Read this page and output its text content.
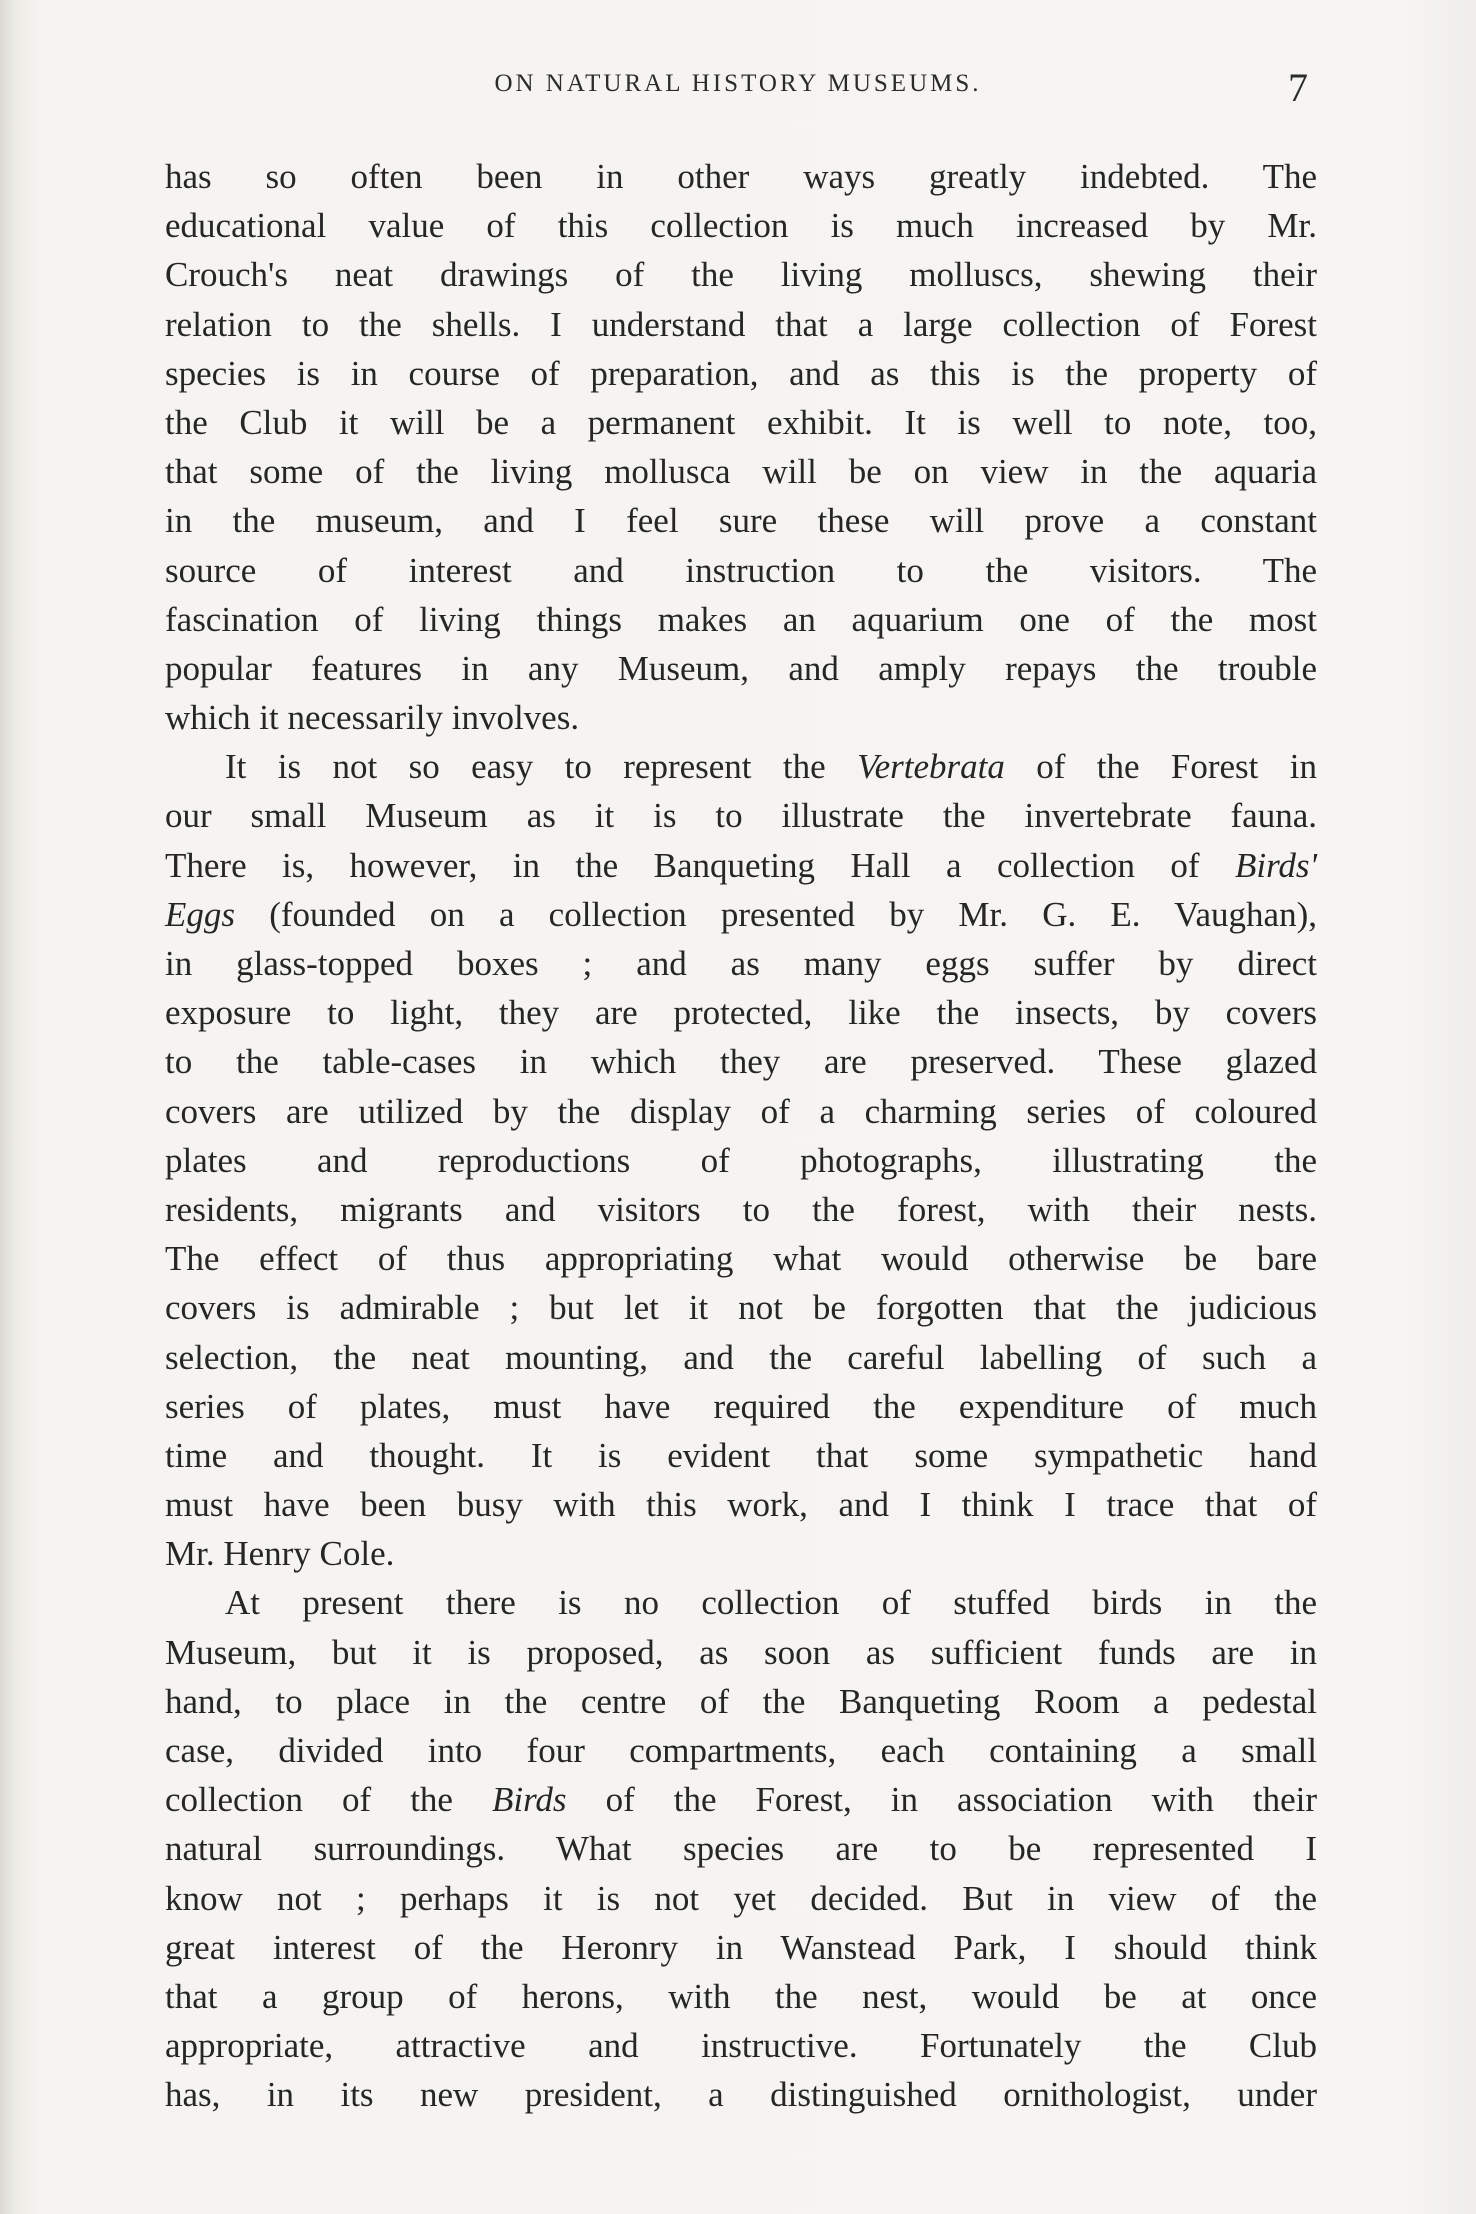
ON NATURAL HISTORY MUSEUMS.	7
has so often been in other ways greatly indebted. The
educational value of this collection is much increased by Mr.
Crouch's neat drawings of the living molluscs, shewing their
relation to the shells. I understand that a large collection of Forest
species is in course of preparation, and as this is the property of
the Club it will be a permanent exhibit. It is well to note, too,
that some of the living mollusca will be on view in the aquaria
in the museum, and I feel sure these will prove a constant
source of interest and instruction to the visitors. The
fascination of living things makes an aquarium one of the most
popular features in any Museum, and amply repays the trouble
which it necessarily involves.
It is not so easy to represent the Vertebrata of the Forest in
our small Museum as it is to illustrate the invertebrate fauna.
There is, however, in the Banqueting Hall a collection of Birds'
Eggs (founded on a collection presented by Mr. G. E. Vaughan),
in glass-topped boxes ; and as many eggs suffer by direct
exposure to light, they are protected, like the insects, by covers
to the table-cases in which they are preserved. These glazed
covers are utilized by the display of a charming series of coloured
plates and reproductions of photographs, illustrating the
residents, migrants and visitors to the forest, with their nests.
The effect of thus appropriating what would otherwise be bare
covers is admirable ; but let it not be forgotten that the judicious
selection, the neat mounting, and the careful labelling of such a
series of plates, must have required the expenditure of much
time and thought. It is evident that some sympathetic hand
must have been busy with this work, and I think I trace that of
Mr. Henry Cole.
At present there is no collection of stuffed birds in the
Museum, but it is proposed, as soon as sufficient funds are in
hand, to place in the centre of the Banqueting Room a pedestal
case, divided into four compartments, each containing a small
collection of the Birds of the Forest, in association with their
natural surroundings. What species are to be represented I
know not ; perhaps it is not yet decided. But in view of the
great interest of the Heronry in Wanstead Park, I should think
that a group of herons, with the nest, would be at once
appropriate, attractive and instructive. Fortunately the Club
has, in its new president, a distinguished ornithologist, under
